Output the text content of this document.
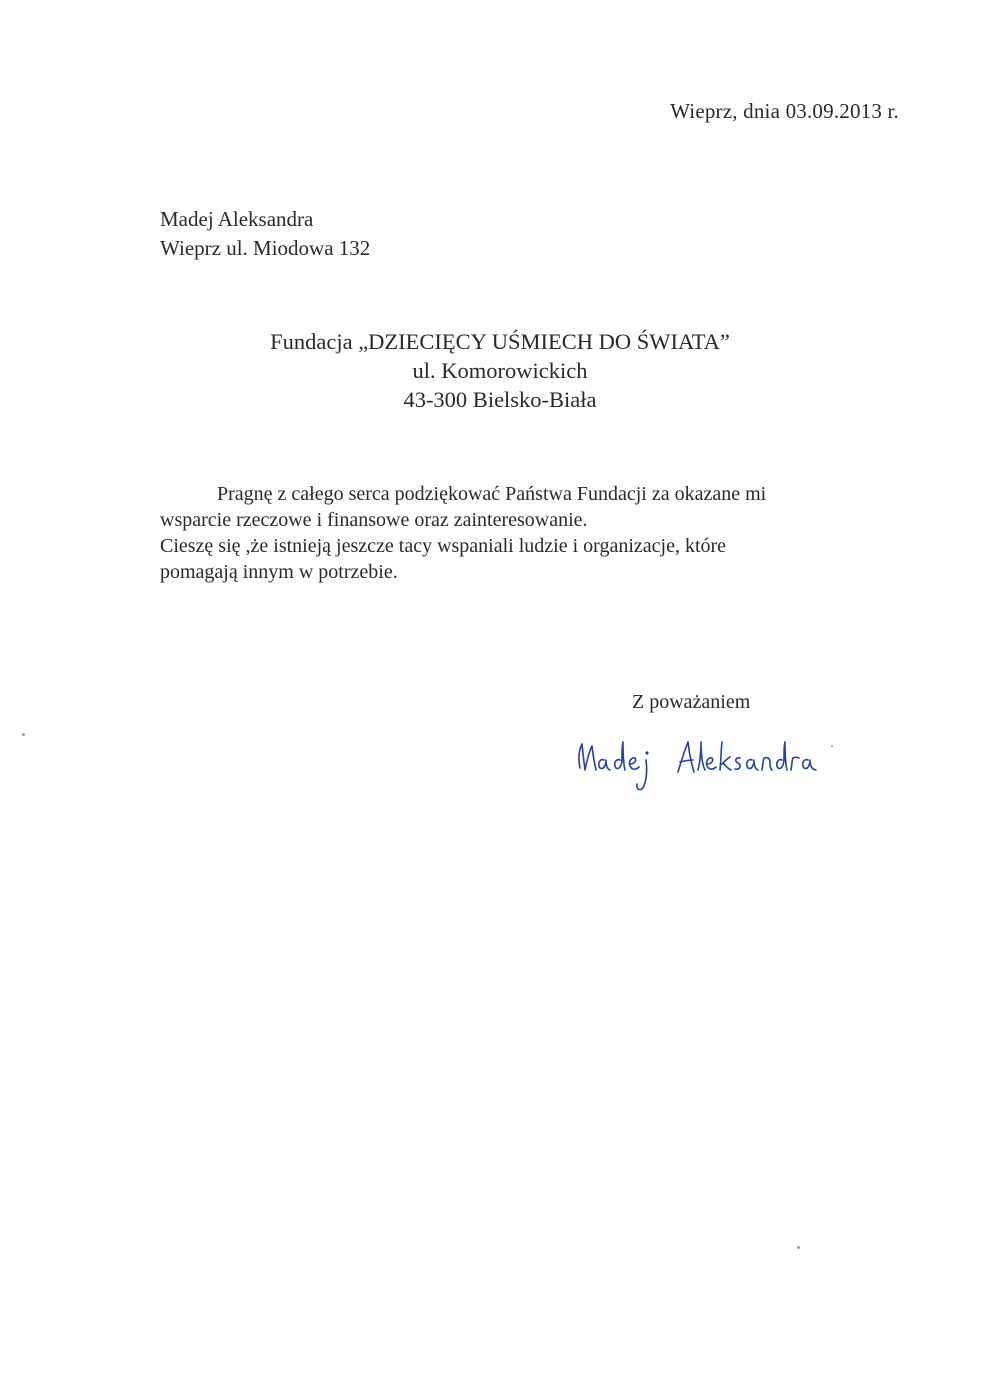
Wieprz, dnia 03.09.2013 r.
Madej Aleksandra
Wieprz ul. Miodowa 132
Fundacja „DZIECIĘCY UŚMIECH DO ŚWIATA”
ul. Komorowickich
43-300 Bielsko-Biała
Pragnę z całego serca podziękować Państwa Fundacji za okazane mi
wsparcie rzeczowe i finansowe oraz zainteresowanie.
Cieszę się ,że istnieją jeszcze tacy wspaniali ludzie i organizacje, które
pomagają innym w potrzebie.
Z poważaniem
